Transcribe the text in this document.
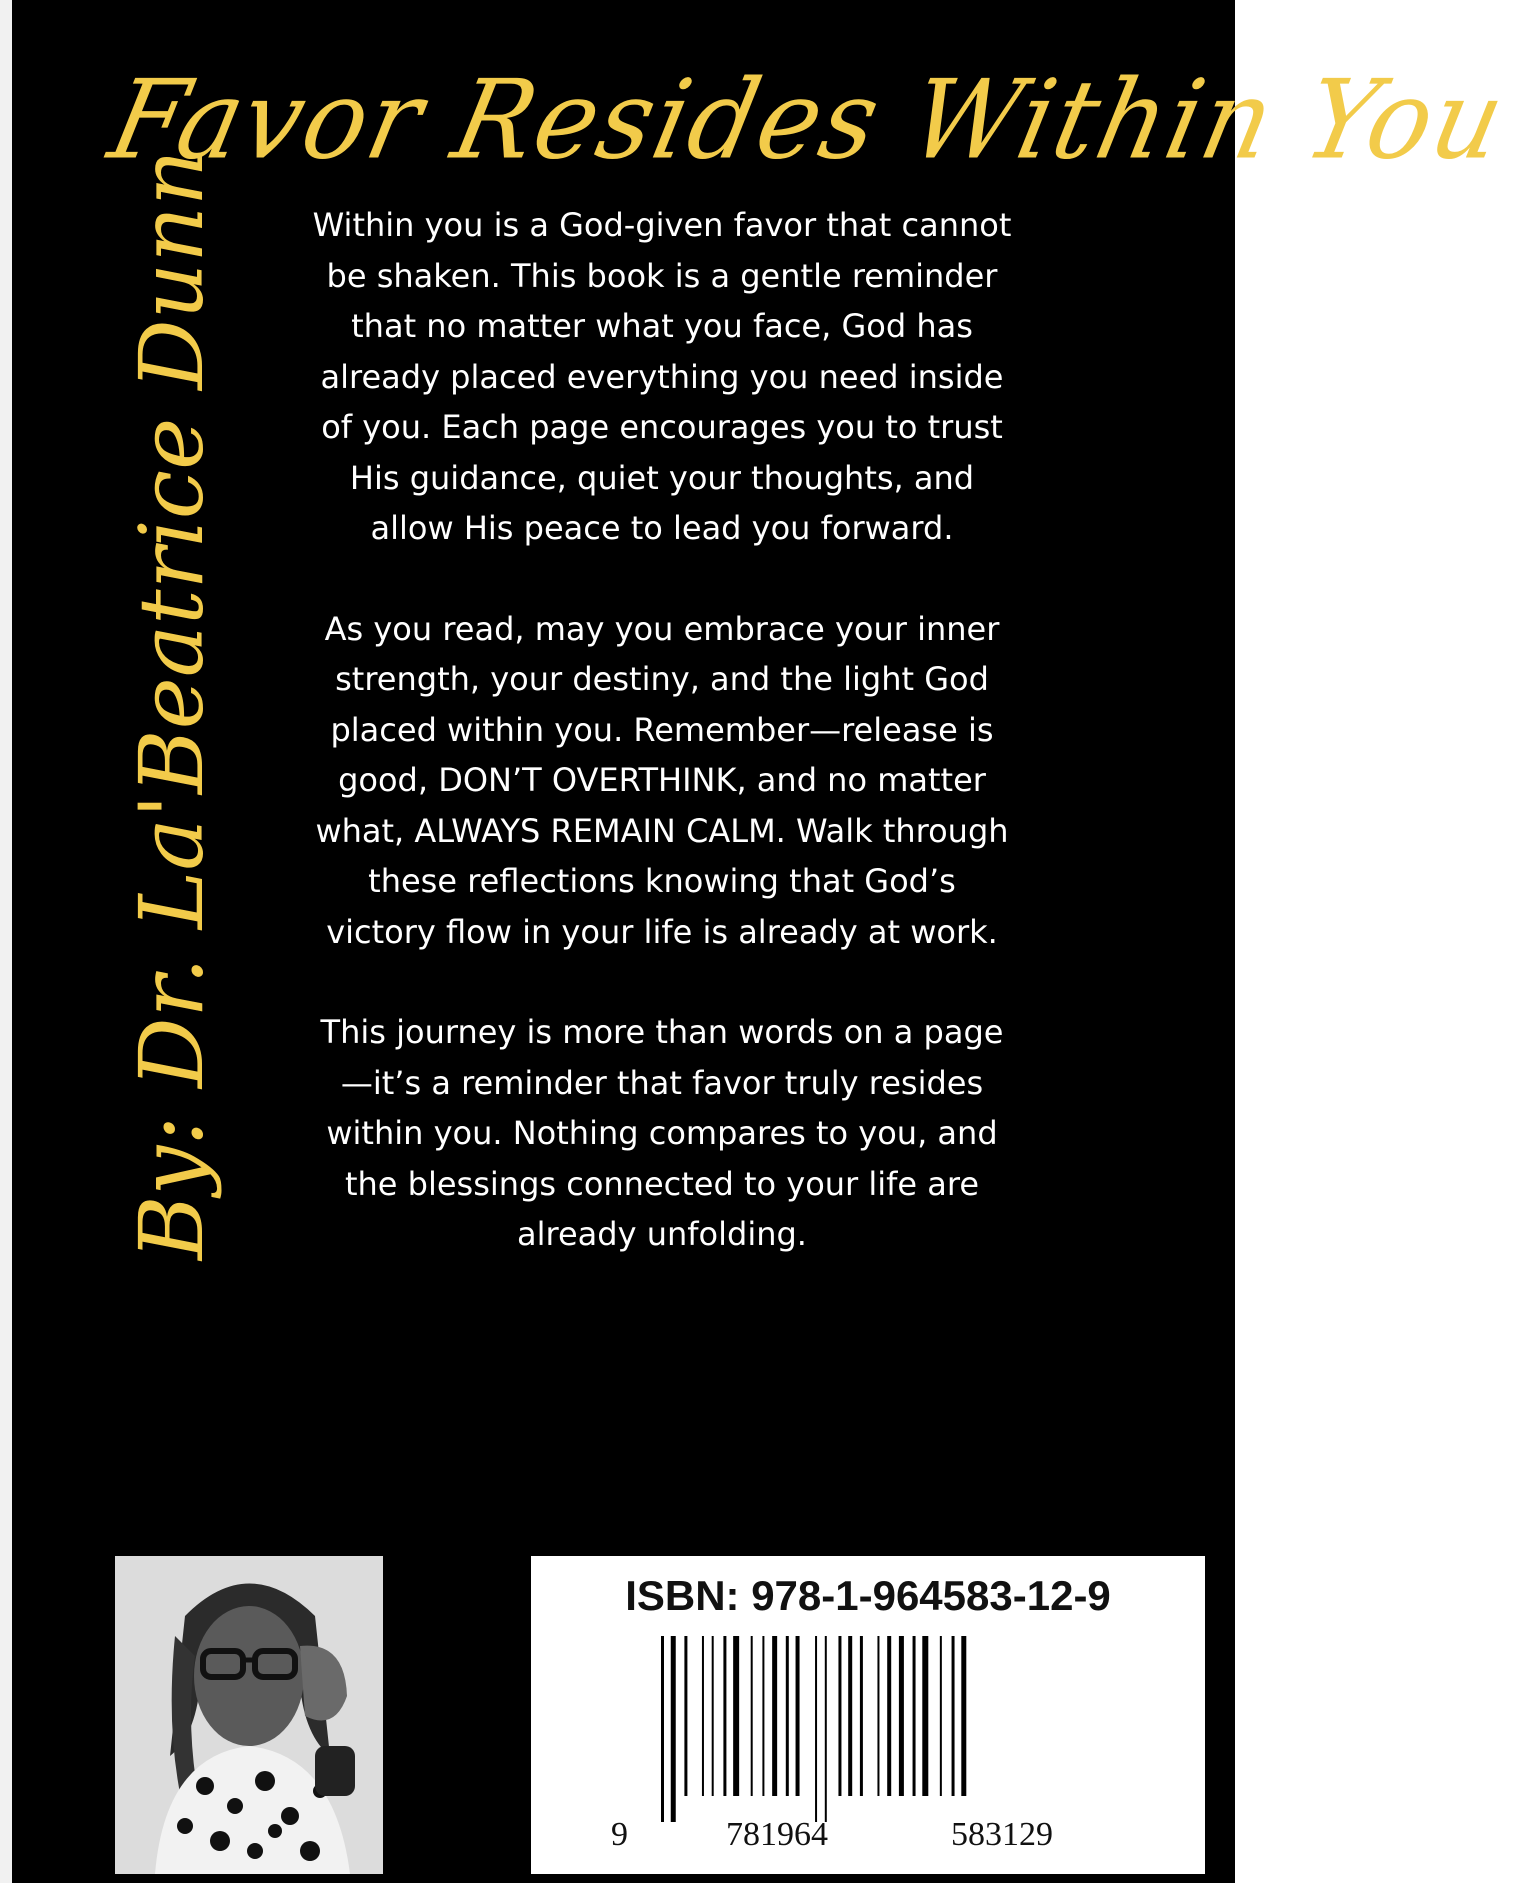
Favor Resides Within You
By: Dr. La'Beatrice Dunn	Within you is a God-given favor that cannot be shaken. This book is a gentle reminder that no matter what you face, God has already placed everything you need inside of you. Each page encourages you to trust His guidance, quiet your thoughts, and allow His peace to lead you forward.

As you read, may you embrace your inner strength, your destiny, and the light God placed within you. Remember—release is good, DON’T OVERTHINK, and no matter what, ALWAYS REMAIN CALM. Walk through these reflections knowing that God’s victory flow in your life is already at work.

This journey is more than words on a page—it’s a reminder that favor truly resides within you. Nothing compares to you, and the blessings connected to your life are already unfolding.

ISBN: 978-1-964583-12-9
9	781964	583129
